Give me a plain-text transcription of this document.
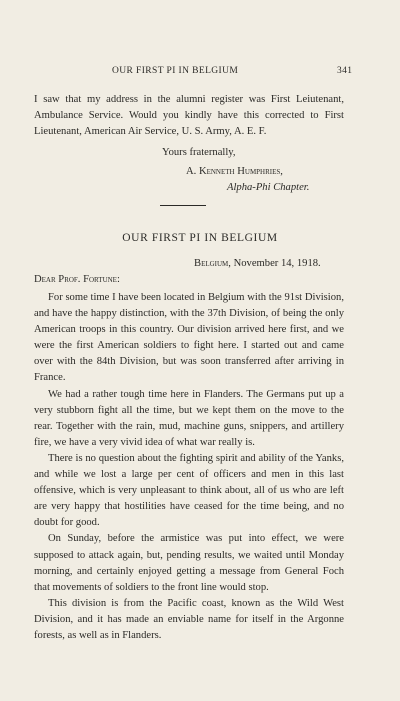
OUR FIRST PI IN BELGIUM	341

I saw that my address in the alumni register was First Leiutenant, Ambulance Service. Would you kindly have this corrected to First Lieutenant, American Air Service, U. S. Army, A. E. F.

Yours fraternally,
A. Kenneth Humphries,
Alpha-Phi Chapter.
OUR FIRST PI IN BELGIUM
Belgium, November 14, 1918.
Dear Prof. Fortune:

For some time I have been located in Belgium with the 91st Division, and have the happy distinction, with the 37th Division, of being the only American troops in this country. Our division arrived here first, and we were the first American soldiers to fight here. I started out and came over with the 84th Division, but was soon transferred after arriving in France.

We had a rather tough time here in Flanders. The Germans put up a very stubborn fight all the time, but we kept them on the move to the rear. Together with the rain, mud, machine guns, snippers, and artillery fire, we have a very vivid idea of what war really is.

There is no question about the fighting spirit and ability of the Yanks, and while we lost a large per cent of officers and men in this last offensive, which is very unpleasant to think about, all of us who are left are very happy that hostilities have ceased for the time being, and no doubt for good.

On Sunday, before the armistice was put into effect, we were supposed to attack again, but, pending results, we waited until Monday morning, and certainly enjoyed getting a message from General Foch that movements of soldiers to the front line would stop.

This division is from the Pacific coast, known as the Wild West Division, and it has made an enviable name for itself in the Argonne forests, as well as in Flanders.
